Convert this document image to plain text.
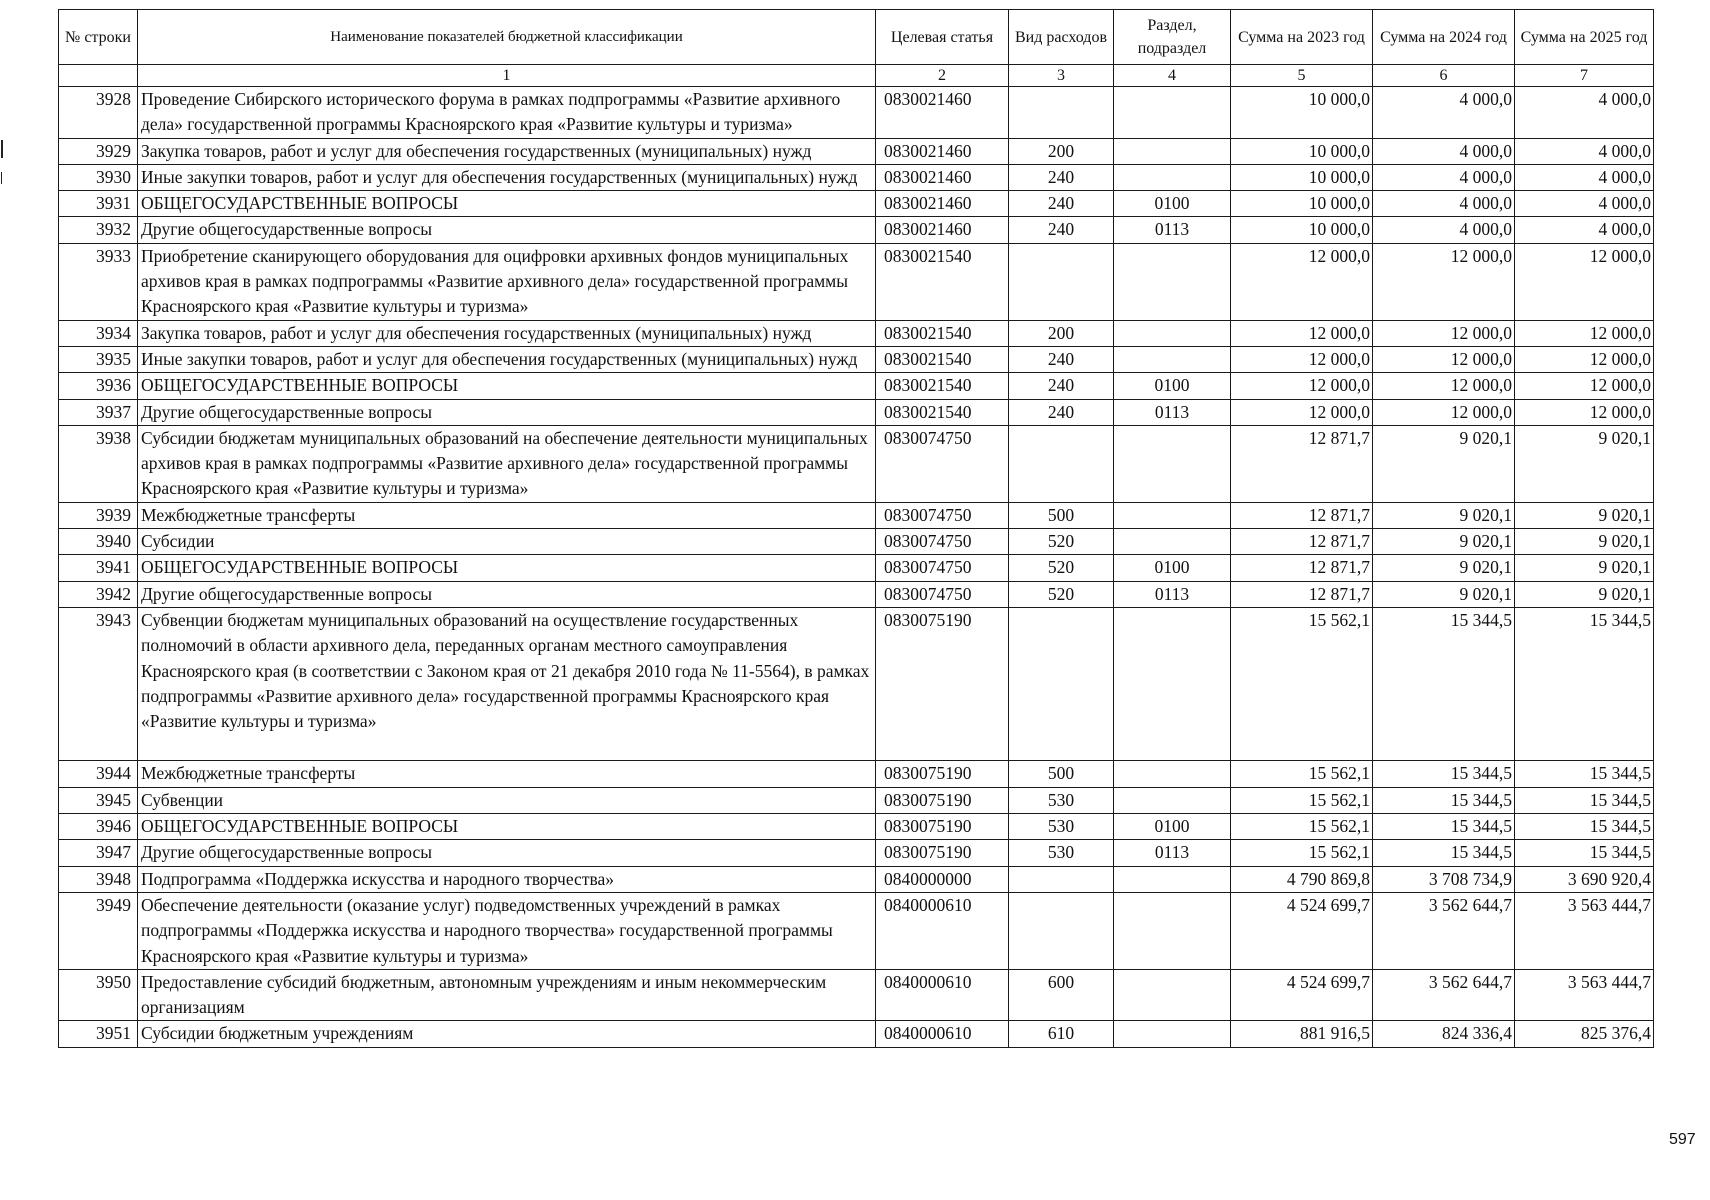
№ строки	Наименование показателей бюджетной классификации	Целевая статья	Вид расходов	Раздел, подраздел	Сумма на 2023 год	Сумма на 2024 год	Сумма на 2025 год
	1	2	3	4	5	6	7
3928	Проведение Сибирского исторического форума в рамках подпрограммы «Развитие архивного дела» государственной программы Красноярского края «Развитие культуры и туризма»	0830021460			10 000,0	4 000,0	4 000,0
3929	Закупка товаров, работ и услуг для обеспечения государственных (муниципальных) нужд	0830021460	200		10 000,0	4 000,0	4 000,0
3930	Иные закупки товаров, работ и услуг для обеспечения государственных (муниципальных) нужд	0830021460	240		10 000,0	4 000,0	4 000,0
3931	ОБЩЕГОСУДАРСТВЕННЫЕ ВОПРОСЫ	0830021460	240	0100	10 000,0	4 000,0	4 000,0
3932	Другие общегосударственные вопросы	0830021460	240	0113	10 000,0	4 000,0	4 000,0
3933	Приобретение сканирующего оборудования для оцифровки архивных фондов муниципальных архивов края в рамках подпрограммы «Развитие архивного дела» государственной программы Красноярского края «Развитие культуры и туризма»	0830021540			12 000,0	12 000,0	12 000,0
3934	Закупка товаров, работ и услуг для обеспечения государственных (муниципальных) нужд	0830021540	200		12 000,0	12 000,0	12 000,0
3935	Иные закупки товаров, работ и услуг для обеспечения государственных (муниципальных) нужд	0830021540	240		12 000,0	12 000,0	12 000,0
3936	ОБЩЕГОСУДАРСТВЕННЫЕ ВОПРОСЫ	0830021540	240	0100	12 000,0	12 000,0	12 000,0
3937	Другие общегосударственные вопросы	0830021540	240	0113	12 000,0	12 000,0	12 000,0
3938	Субсидии бюджетам муниципальных образований на обеспечение деятельности муниципальных архивов края в рамках подпрограммы «Развитие архивного дела» государственной программы Красноярского края «Развитие культуры и туризма»	0830074750			12 871,7	9 020,1	9 020,1
3939	Межбюджетные трансферты	0830074750	500		12 871,7	9 020,1	9 020,1
3940	Субсидии	0830074750	520		12 871,7	9 020,1	9 020,1
3941	ОБЩЕГОСУДАРСТВЕННЫЕ ВОПРОСЫ	0830074750	520	0100	12 871,7	9 020,1	9 020,1
3942	Другие общегосударственные вопросы	0830074750	520	0113	12 871,7	9 020,1	9 020,1
3943	Субвенции бюджетам муниципальных образований на осуществление государственных полномочий в области архивного дела, переданных органам местного самоуправления Красноярского края (в соответствии с Законом края от 21 декабря 2010 года № 11-5564), в рамках подпрограммы «Развитие архивного дела» государственной программы Красноярского края «Развитие культуры и туризма»	0830075190			15 562,1	15 344,5	15 344,5
3944	Межбюджетные трансферты	0830075190	500		15 562,1	15 344,5	15 344,5
3945	Субвенции	0830075190	530		15 562,1	15 344,5	15 344,5
3946	ОБЩЕГОСУДАРСТВЕННЫЕ ВОПРОСЫ	0830075190	530	0100	15 562,1	15 344,5	15 344,5
3947	Другие общегосударственные вопросы	0830075190	530	0113	15 562,1	15 344,5	15 344,5
3948	Подпрограмма «Поддержка искусства и народного творчества»	0840000000			4 790 869,8	3 708 734,9	3 690 920,4
3949	Обеспечение деятельности (оказание услуг) подведомственных учреждений в рамках подпрограммы «Поддержка искусства и народного творчества» государственной программы Красноярского края «Развитие культуры и туризма»	0840000610			4 524 699,7	3 562 644,7	3 563 444,7
3950	Предоставление субсидий бюджетным, автономным учреждениям и иным некоммерческим организациям	0840000610	600		4 524 699,7	3 562 644,7	3 563 444,7
3951	Субсидии бюджетным учреждениям	0840000610	610		881 916,5	824 336,4	825 376,4
597
